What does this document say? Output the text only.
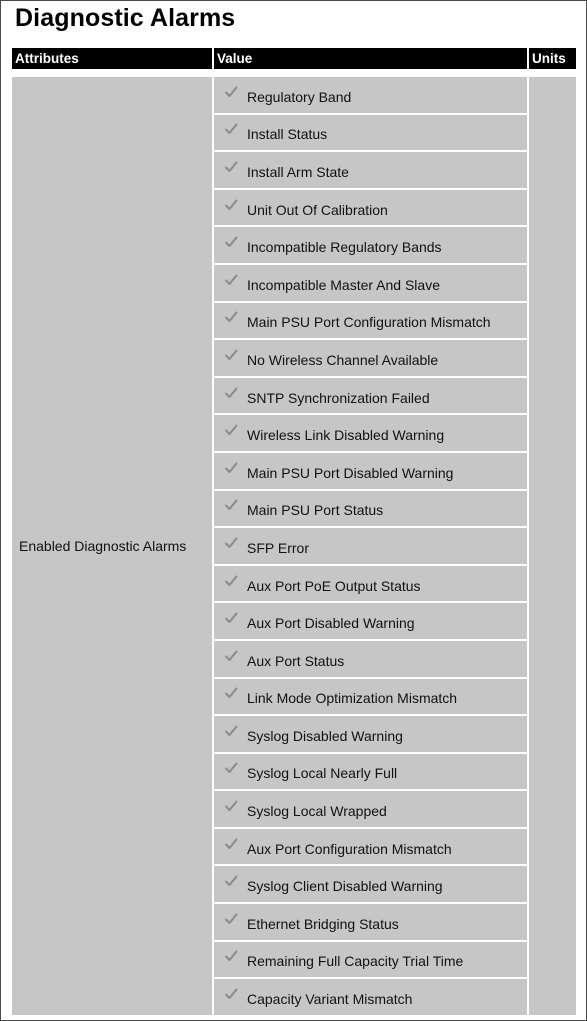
Diagnostic Alarms
Attributes	Value	Units
Enabled Diagnostic Alarms
Regulatory Band
Install Status
Install Arm State
Unit Out Of Calibration
Incompatible Regulatory Bands
Incompatible Master And Slave
Main PSU Port Configuration Mismatch
No Wireless Channel Available
SNTP Synchronization Failed
Wireless Link Disabled Warning
Main PSU Port Disabled Warning
Main PSU Port Status
SFP Error
Aux Port PoE Output Status
Aux Port Disabled Warning
Aux Port Status
Link Mode Optimization Mismatch
Syslog Disabled Warning
Syslog Local Nearly Full
Syslog Local Wrapped
Aux Port Configuration Mismatch
Syslog Client Disabled Warning
Ethernet Bridging Status
Remaining Full Capacity Trial Time
Capacity Variant Mismatch
